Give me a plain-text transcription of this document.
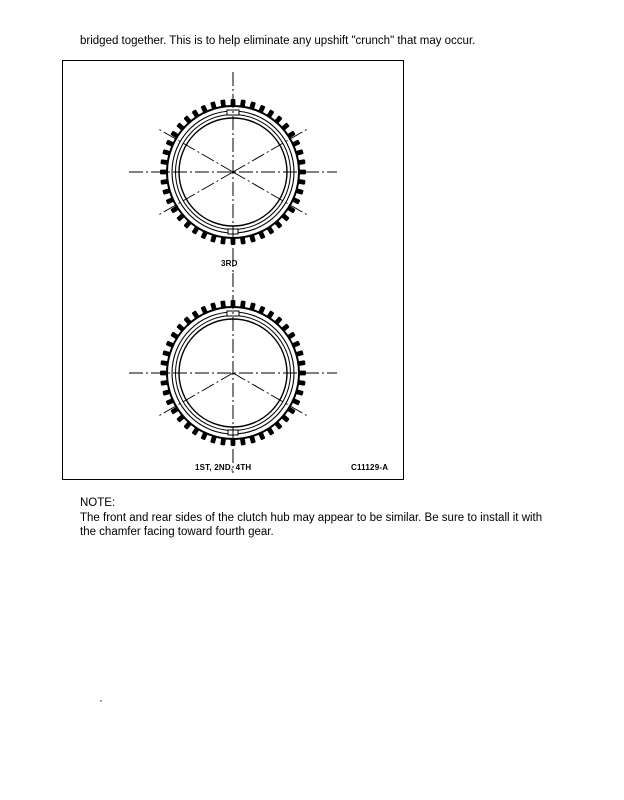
bridged together. This is to help eliminate any upshift "crunch" that may occur.
3RD
1ST, 2ND, 4TH	C11129-A
NOTE:
The front and rear sides of the clutch hub may appear to be similar. Be sure to install it with the chamfer facing toward fourth gear.
